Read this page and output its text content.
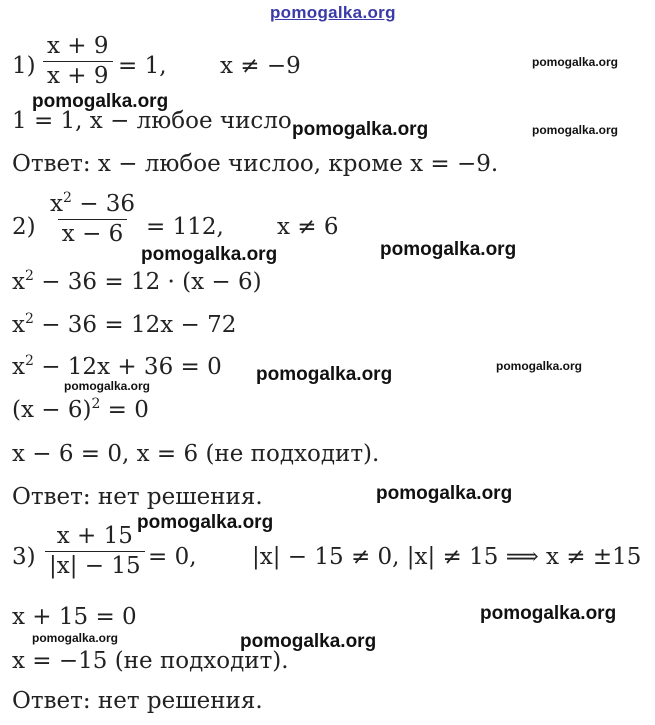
pomogalka.org
$1) \frac{x + 9}{x + 9} = 1$, x ≠ −9
1 = 1, x − любое число
Ответ: x − любое числоо, кроме x = −9.
$2) \frac{x^2 - 36}{x - 6} = 112$, x ≠ 6
$x^2 - 36 = 12 \cdot (x - 6)$
$x^2 - 36 = 12x - 72$
$x^2 - 12x + 36 = 0$
$(x - 6)^2 = 0$
x − 6 = 0, x = 6 (не подходит).
Ответ: нет решения.
$3) \frac{x + 15}{|x| - 15} = 0$, |x| − 15 ≠ 0, |x| ≠ 15 ⟹ x ≠ ±15
x + 15 = 0
x = −15 (не подходит).
Ответ: нет решения.
pomogalka.org
pomogalka.org
pomogalka.org	pomogalka.org
pomogalka.org	pomogalka.org
pomogalka.org	pomogalka.org
pomogalka.org
pomogalka.org
pomogalka.org
pomogalka.org
pomogalka.org	pomogalka.org
